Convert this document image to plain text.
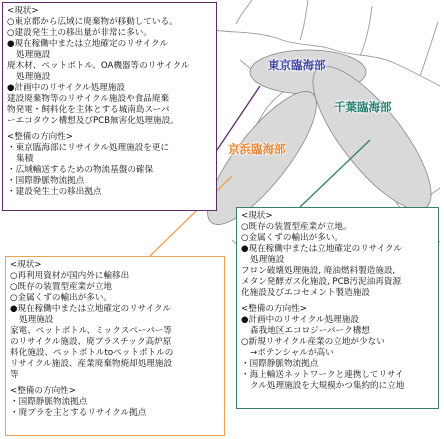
東京臨海部
千葉臨海部
京浜臨海部

<現状>

○東京都から広域に廃棄物が移動している。

○建設発生土の移出量が非常に多い。

●現在稼働中または立地確定のリサイクル

処理施設

廃木材、ペットボトル、OA機器等のリサイクル

処理施設

●計画中のリサイクル処理施設

建設廃棄物等のリサイクル施設や食品廃棄

物発電・飼料化を主体とする城南島スーパ

ーエコタウン構想及びPCB無害化処理施設。

<整備の方向性>

・東京臨海部にリサイクル処理施設を更に

集積

・広域輸送するための物流基盤の確保

・国際静脈物流拠点

・建設発生土の移出拠点

<現状>

○既存の装置型産業が立地。

○金属くずの輸出が多い。

●現在稼働中または立地確定のリサイクル

処理施設

フロン破壊処理施設, 廃油燃料製造施設,

メタン発酵ガス化施設, PCB汚泥油再資源

化施設及びエコセメント製造施設

<整備の方向性>

●計画中のリサイクル処理施設

森我地区エコロジーパーク構想

○新規リサイクル産業の立地が少ない

→ポテンシャルが高い

・国際静脈物流拠点

・海上輸送ネットワークと連携してリサイ

クル処理施設を大規模かつ集約的に立地

<現状>

○再利用資材が国内外に輸移出

○既存の装置型産業が立地

○金属くずの輸出が多い。

●現在稼働中または立地確定のリサイクル

処理施設

家電、ペットボトル、ミックスペーパー等

のリサイクル施設、廃プラスチック高炉原

料化施設、ペットボトルtoペットボトルの

リサイクル施設、産業廃棄物焼却処理施設

等

<整備の方向性>

・国際静脈物流拠点

・廃プラを主とするリサイクル拠点
